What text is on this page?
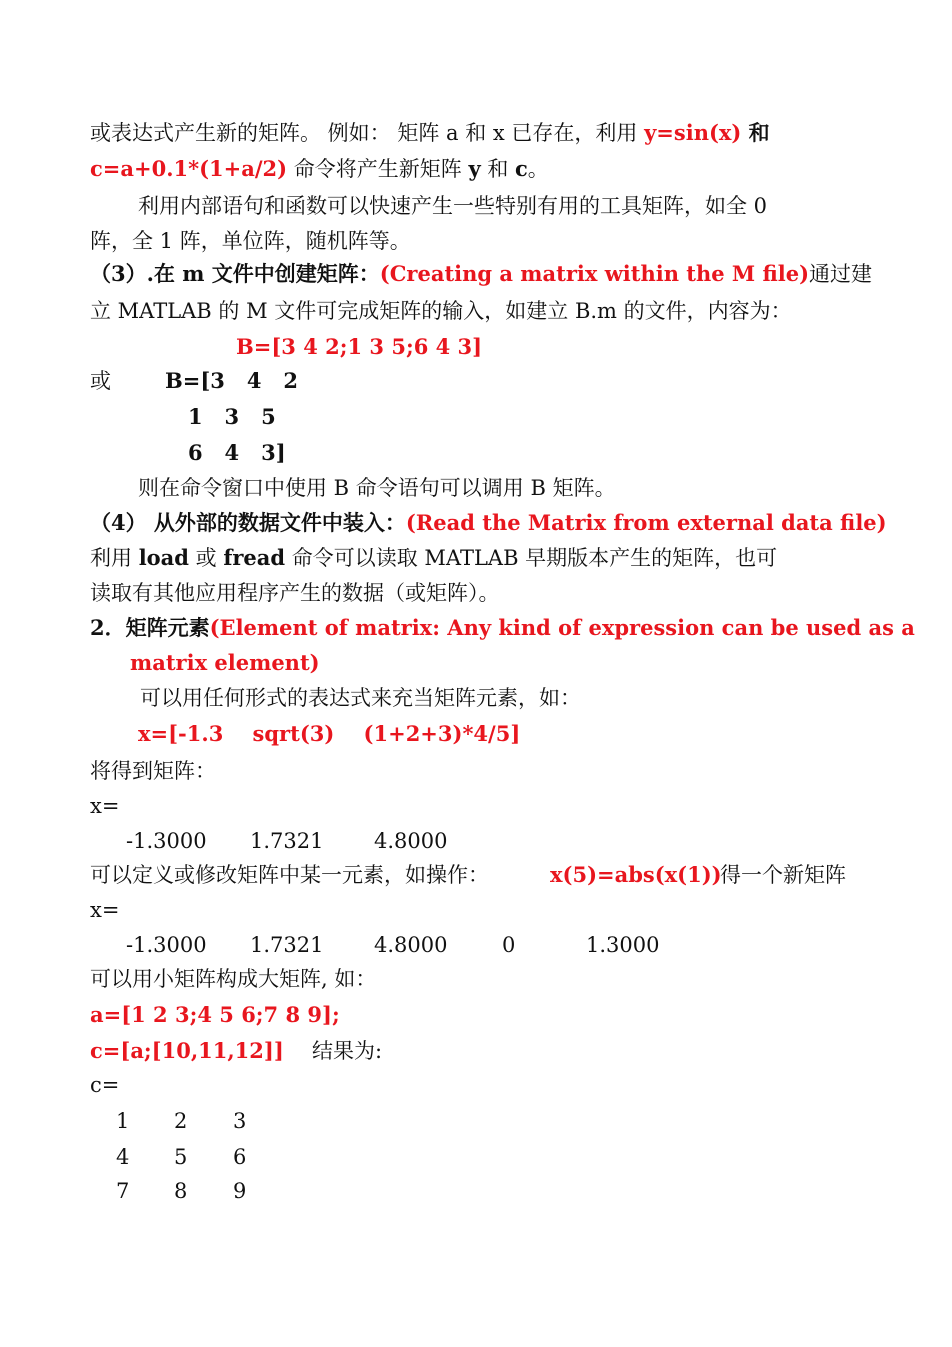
或表达式产生新的矩阵。 例如： 矩阵 a 和 x 已存在，利用 y=sin(x) 和
c=a+0.1*(1+a/2) 命令将产生新矩阵 y 和 c。
利用内部语句和函数可以快速产生一些特别有用的工具矩阵，如全 0
阵，全 1 阵，单位阵，随机阵等。
（3）.在 m 文件中创建矩阵：(Creating a matrix within the M file)通过建
立 MATLAB 的 M 文件可完成矩阵的输入，如建立 B.m 的文件，内容为：
B=[3 4 2;1 3 5;6 4 3]
或	B=[3   4   2
1   3   5
6   4   3]
则在命令窗口中使用 B 命令语句可以调用 B 矩阵。
（4） 从外部的数据文件中装入：(Read the Matrix from external data file)
利用 load 或 fread 命令可以读取 MATLAB 早期版本产生的矩阵，也可
读取有其他应用程序产生的数据（或矩阵）。
2．矩阵元素(Element of matrix: Any kind of expression can be used as a
matrix element)
可以用任何形式的表达式来充当矩阵元素，如：
x=[-1.3    sqrt(3)    (1+2+3)*4/5]
将得到矩阵：
x=
-1.3000 1.7321 4.8000
可以定义或修改矩阵中某一元素，如操作：	x(5)=abs(x(1))
得一个新矩阵
x=
-1.3000 1.7321 4.8000	0	1.3000
可以用小矩阵构成大矩阵, 如：
a=[1 2 3;4 5 6;7 8 9];
c=[a;[10,11,12]] 结果为:
c=
1 2 3
4 5 6
7 8 9
